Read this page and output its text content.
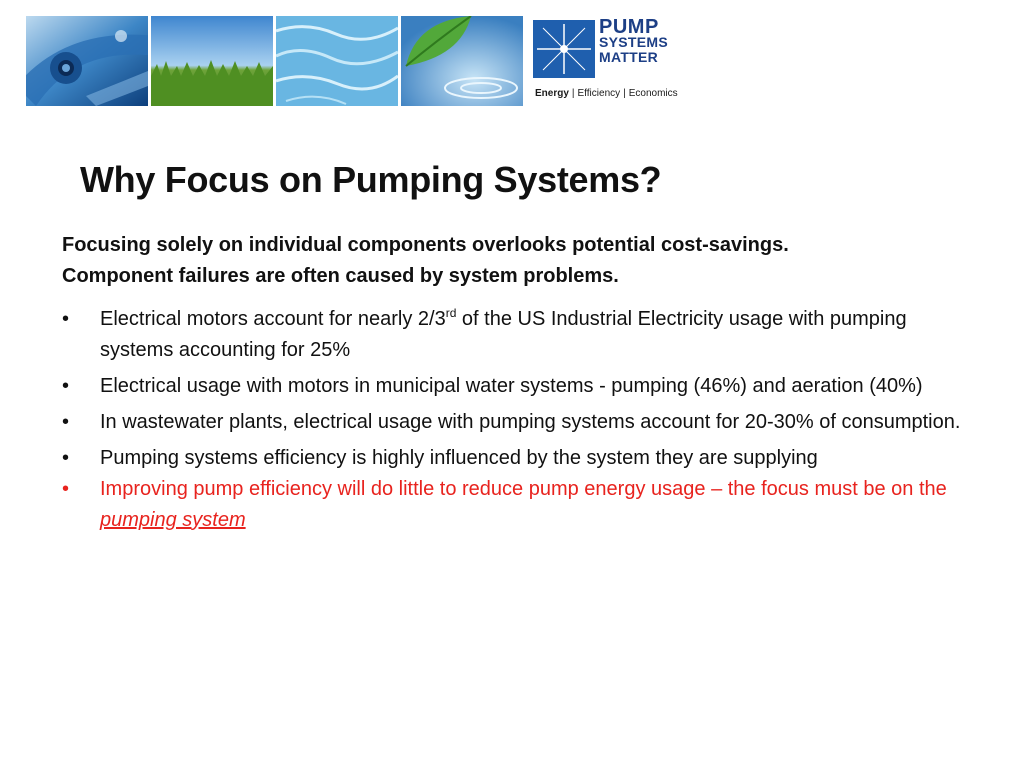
PUMP
SYSTEMS
MATTER
Energy | Efficiency | Economics
Why Focus on Pumping Systems?

Focusing solely on individual components overlooks potential cost-savings.
Component failures are often caused by system problems.

• Electrical motors account for nearly 2/3rd of the US Industrial Electricity usage with pumping systems accounting for 25%
• Electrical usage with motors in municipal water systems - pumping (46%) and aeration (40%)
• In wastewater plants, electrical usage with pumping systems account for 20-30% of consumption.
• Pumping systems efficiency is highly influenced by the system they are supplying
• Improving pump efficiency will do little to reduce pump energy usage – the focus must be on the pumping system
